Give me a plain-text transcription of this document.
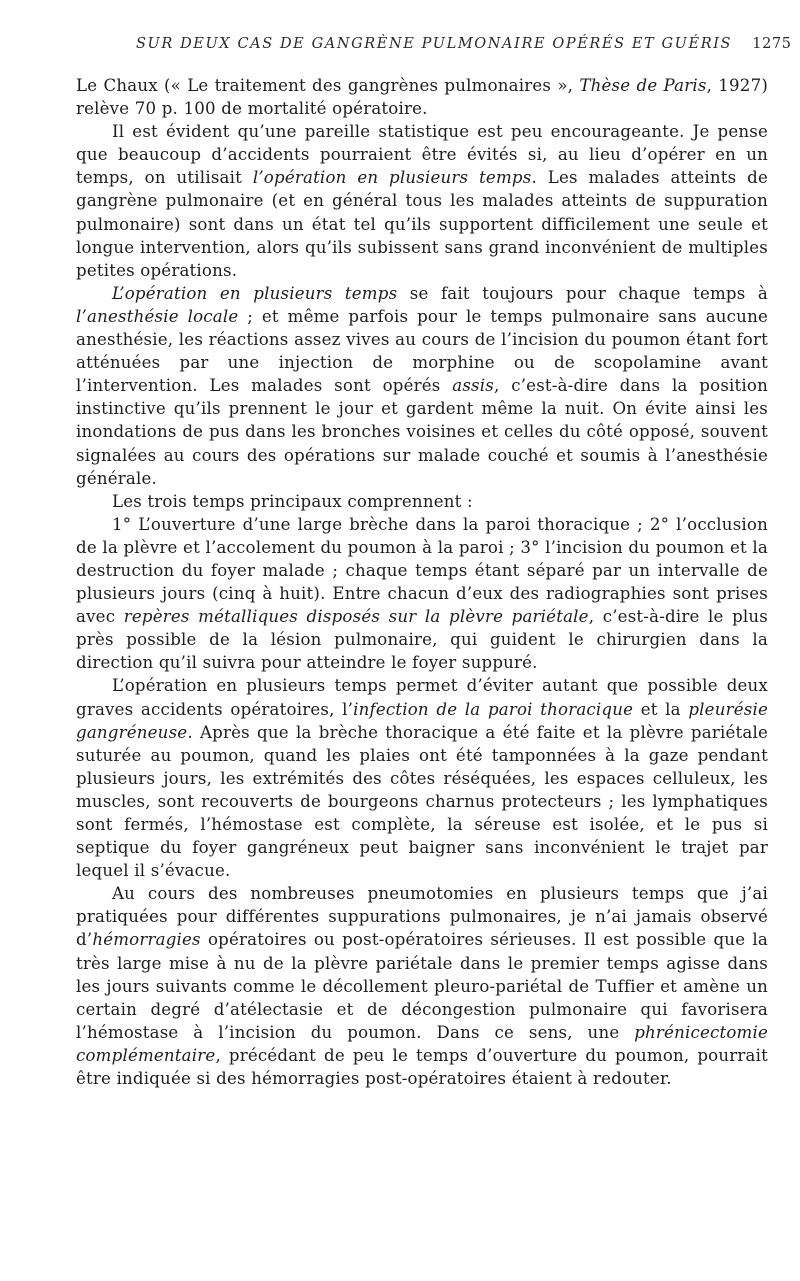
SUR DEUX CAS DE GANGRÈNE PULMONAIRE OPÉRÉS ET GUÉRIS 1275

Le Chaux (« Le traitement des gangrènes pulmonaires », Thèse de Paris, 1927) relève 70 p. 100 de mortalité opératoire.

Il est évident qu’une pareille statistique est peu encourageante. Je pense que beaucoup d’accidents pourraient être évités si, au lieu d’opérer en un temps, on utilisait l’opération en plusieurs temps. Les malades atteints de gangrène pulmonaire (et en général tous les malades atteints de suppuration pulmonaire) sont dans un état tel qu’ils supportent difficilement une seule et longue intervention, alors qu’ils subissent sans grand inconvénient de multiples petites opérations.

L’opération en plusieurs temps se fait toujours pour chaque temps à l’anesthésie locale ; et même parfois pour le temps pulmonaire sans aucune anesthésie, les réactions assez vives au cours de l’incision du poumon étant fort atténuées par une injection de morphine ou de scopolamine avant l’intervention. Les malades sont opérés assis, c’est-à-dire dans la position instinctive qu’ils prennent le jour et gardent même la nuit. On évite ainsi les inondations de pus dans les bronches voisines et celles du côté opposé, souvent signalées au cours des opérations sur malade couché et soumis à l’anesthésie générale.

Les trois temps principaux comprennent :

1° L’ouverture d’une large brèche dans la paroi thoracique ; 2° l’occlusion de la plèvre et l’accolement du poumon à la paroi ; 3° l’incision du poumon et la destruction du foyer malade ; chaque temps étant séparé par un intervalle de plusieurs jours (cinq à huit). Entre chacun d’eux des radiographies sont prises avec repères métalliques disposés sur la plèvre pariétale, c’est-à-dire le plus près possible de la lésion pulmonaire, qui guident le chirurgien dans la direction qu’il suivra pour atteindre le foyer suppuré.

L’opération en plusieurs temps permet d’éviter autant que possible deux graves accidents opératoires, l’infection de la paroi thoracique et la pleurésie gangréneuse. Après que la brèche thoracique a été faite et la plèvre pariétale suturée au poumon, quand les plaies ont été tamponnées à la gaze pendant plusieurs jours, les extrémités des côtes réséquées, les espaces celluleux, les muscles, sont recouverts de bourgeons charnus protecteurs ; les lymphatiques sont fermés, l’hémostase est complète, la séreuse est isolée, et le pus si septique du foyer gangréneux peut baigner sans inconvénient le trajet par lequel il s’évacue.

Au cours des nombreuses pneumotomies en plusieurs temps que j’ai pratiquées pour différentes suppurations pulmonaires, je n’ai jamais observé d’hémorragies opératoires ou post-opératoires sérieuses. Il est possible que la très large mise à nu de la plèvre pariétale dans le premier temps agisse dans les jours suivants comme le décollement pleuro-pariétal de Tuffier et amène un certain degré d’atélectasie et de décongestion pulmonaire qui favorisera l’hémostase à l’incision du poumon. Dans ce sens, une phrénicectomie complémentaire, précédant de peu le temps d’ouverture du poumon, pourrait être indiquée si des hémorragies post-opératoires étaient à redouter.
